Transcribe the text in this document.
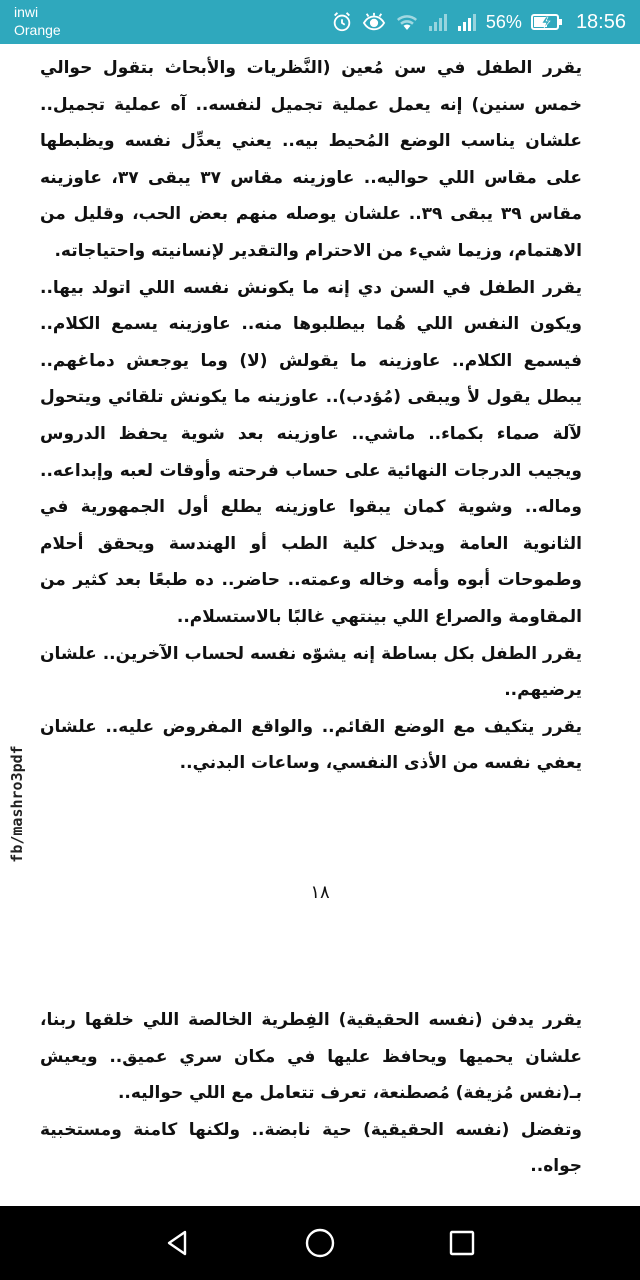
inwi
Orange	56%	18:56

يقرر الطفل في سن مُعين (النَّظريات والأبحاث بتقول حوالي خمس سنين) إنه يعمل عملية تجميل لنفسه.. آه عملية تجميل.. علشان يناسب الوضع المُحيط بيه.. يعني يعدِّل نفسه ويظبطها على مقاس اللي حواليه.. عاوزينه مقاس ٣٧ يبقى ٣٧، عاوزينه مقاس ٣٩ يبقى ٣٩.. علشان يوصله منهم بعض الحب، وقليل من الاهتمام، وزيما شيء من الاحترام والتقدير لإنسانيته واحتياجاته.

يقرر الطفل في السن دي إنه ما يكونش نفسه اللي اتولد بيها.. ويكون النفس اللي هُما بيطلبوها منه.. عاوزينه يسمع الكلام.. فيسمع الكلام.. عاوزينه ما يقولش (لا) وما يوجعش دماغهم.. يبطل يقول لأ ويبقى (مُؤدب).. عاوزينه ما يكونش تلقائي ويتحول لآلة صماء بكماء.. ماشي.. عاوزينه بعد شوية يحفظ الدروس ويجيب الدرجات النهائية على حساب فرحته وأوقات لعبه وإبداعه.. وماله.. وشوية كمان يبقوا عاوزينه يطلع أول الجمهورية في الثانوية العامة ويدخل كلية الطب أو الهندسة ويحقق أحلام وطموحات أبوه وأمه وخاله وعمته.. حاضر.. ده طبعًا بعد كثير من المقاومة والصراع اللي بينتهي غالبًا بالاستسلام..

يقرر الطفل بكل بساطة إنه يشوّه نفسه لحساب الآخرين.. علشان يرضيهم..

يقرر يتكيف مع الوضع القائم.. والواقع المفروض عليه.. علشان يعفي نفسه من الأذى النفسي، وساعات البدني..

١٨
fb/mashro3pdf

يقرر يدفن (نفسه الحقيقية) الفِطرية الخالصة اللي خلقها ربنا، علشان يحميها ويحافظ عليها في مكان سري عميق.. ويعيش بـ(نفس مُزيفة) مُصطنعة، تعرف تتعامل مع اللي حواليه..

وتفضل (نفسه الحقيقية) حية نابضة.. ولكنها كامنة ومستخبية جواه..
